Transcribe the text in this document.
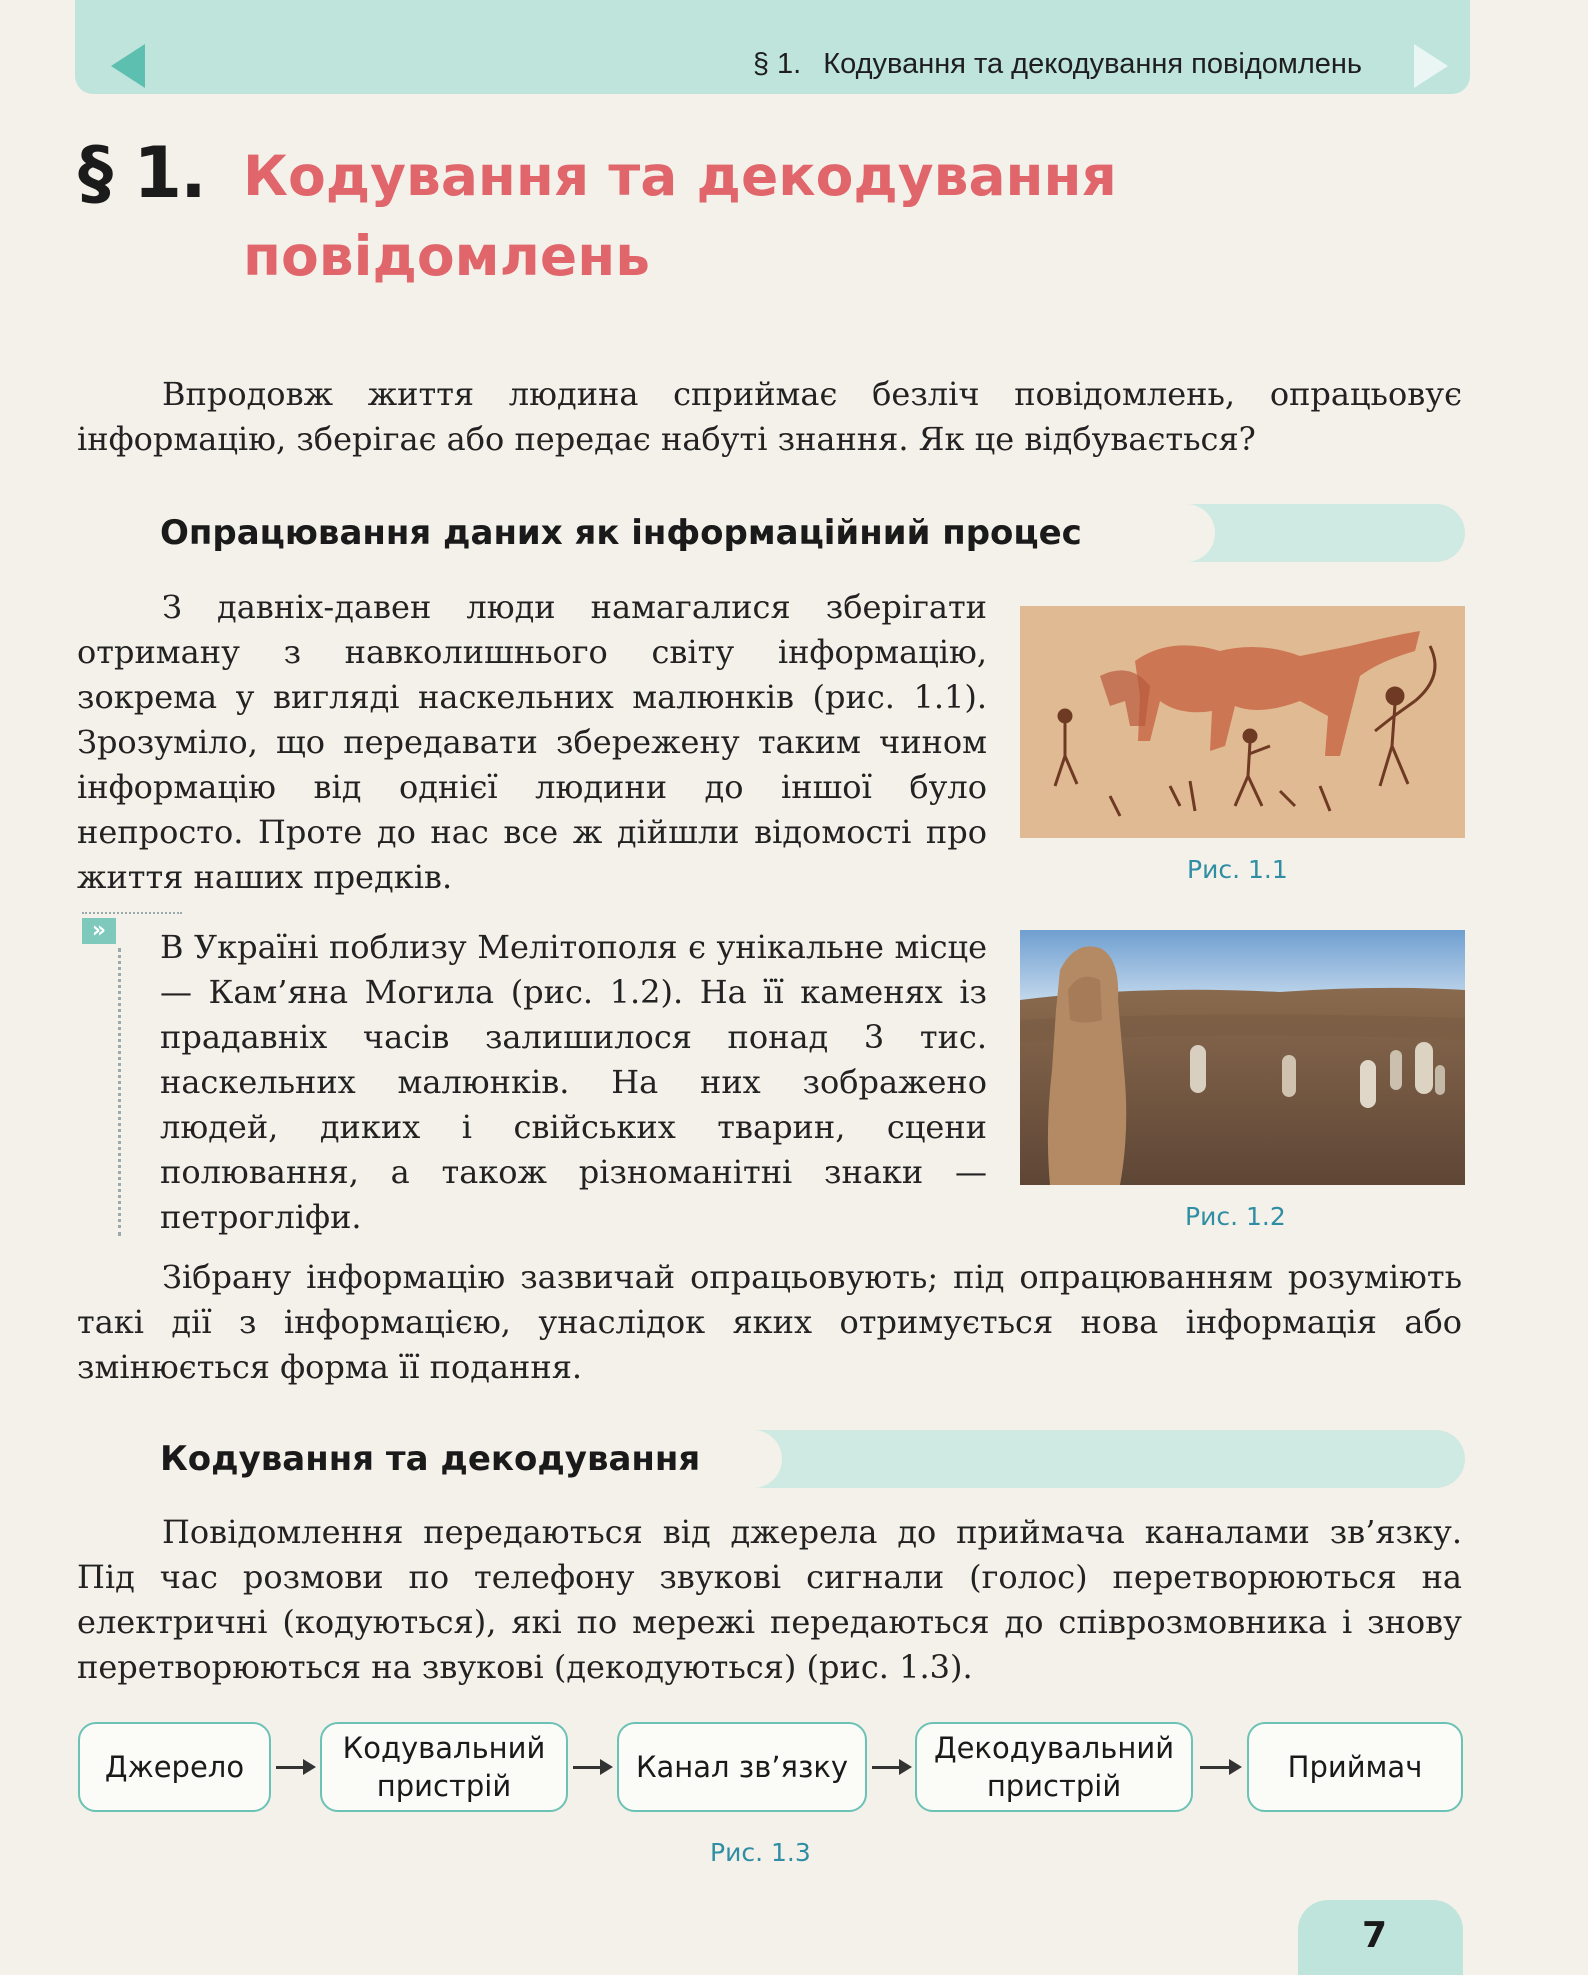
§ 1. Кодування та декодування повідомлень
§ 1. Кодування та декодування
повідомлень

Впродовж життя людина сприймає безліч повідомлень, опрацьовує інформацію, зберігає або передає набуті знання. Як це відбувається?

Опрацювання даних як інформаційний процес

З давніх-давен люди намагалися зберігати отриману з навколишнього світу інформацію, зокрема у вигляді наскельних малюнків (рис. 1.1). Зрозуміло, що передавати збережену таким чином інформацію від однієї людини до іншої було непросто. Проте до нас все ж дійшли відомості про життя наших предків.	Рис. 1.1
»	В Україні поблизу Мелітополя є унікальне місце — Кам’яна Могила (рис. 1.2). На її каменях із прадавніх часів залишилося понад 3 тис. наскельних малюнків. На них зображено людей, диких і свійських тварин, сцени полювання, а також різноманітні знаки — петрогліфи.	Рис. 1.2

Зібрану інформацію зазвичай опрацьовують; під опрацюванням розуміють такі дії з інформацією, унаслідок яких отримується нова інформація або змінюється форма її подання.

Кодування та декодування

Повідомлення передаються від джерела до приймача каналами зв’язку. Під час розмови по телефону звукові сигнали (голос) перетворюються на електричні (кодуються), які по мережі передаються до співрозмовника і знову перетворюються на звукові (декодуються) (рис. 1.3).

Джерело
Кодувальний
пристрій
Канал зв’язку
Декодувальний
пристрій
Приймач
Рис. 1.3
7
